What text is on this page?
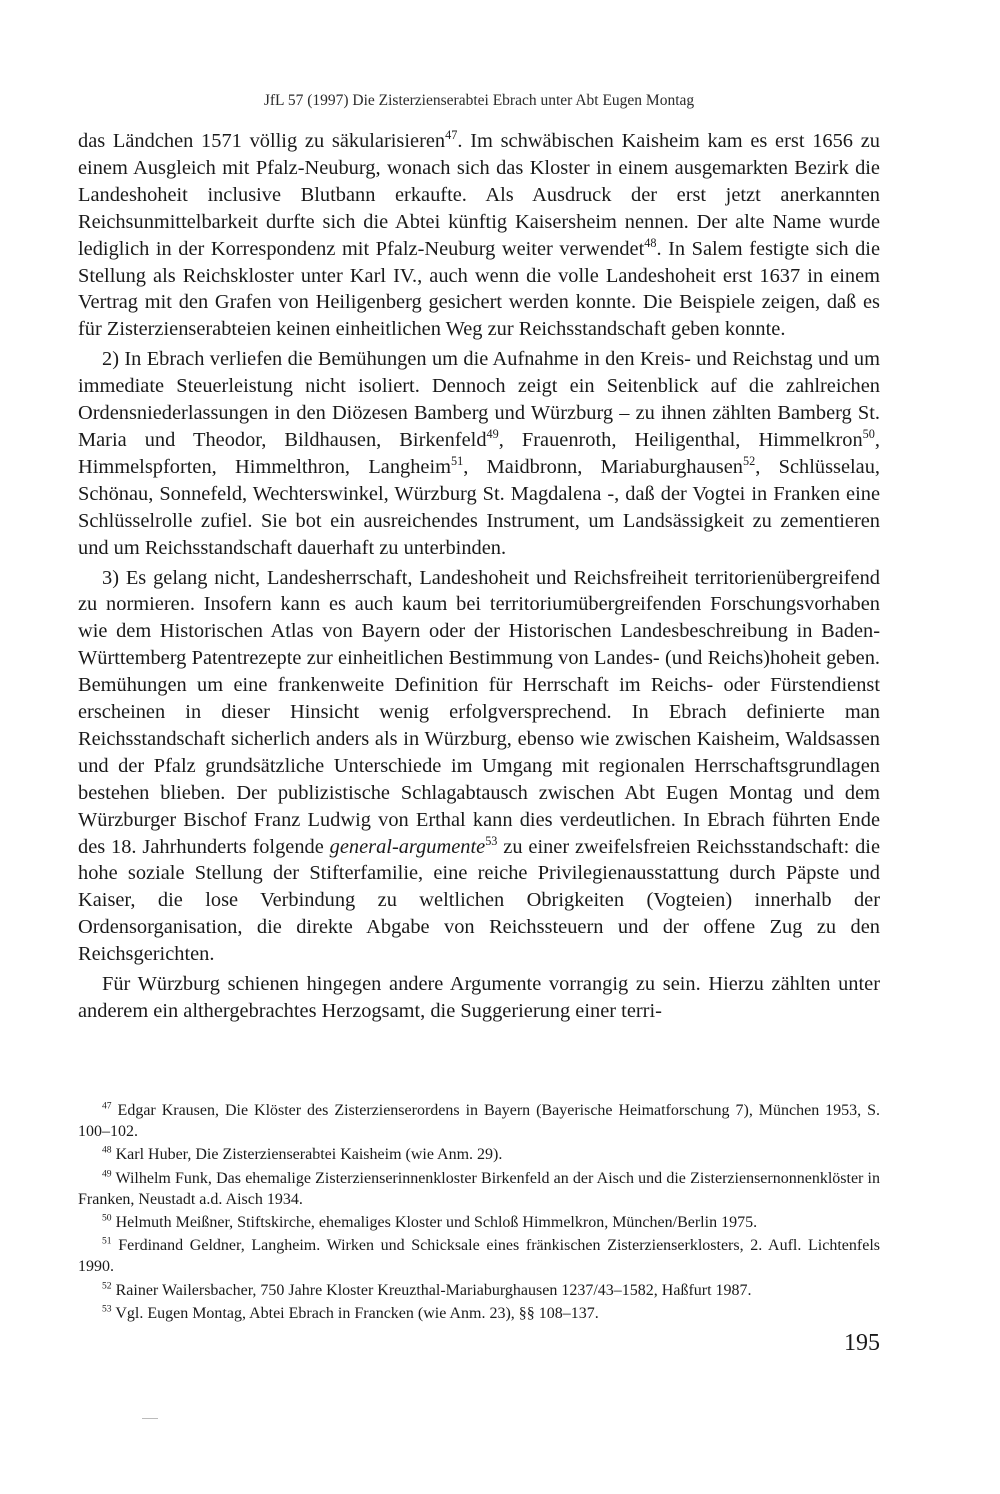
JfL 57 (1997) Die Zisterzienserabtei Ebrach unter Abt Eugen Montag

das Ländchen 1571 völlig zu säkularisieren$^{47}$. Im schwäbischen Kaisheim kam es erst 1656 zu einem Ausgleich mit Pfalz-Neuburg, wonach sich das Kloster in einem ausgemarkten Bezirk die Landeshoheit inclusive Blutbann erkaufte. Als Ausdruck der erst jetzt anerkannten Reichsunmittelbarkeit durfte sich die Abtei künftig Kaisersheim nennen. Der alte Name wurde lediglich in der Korrespondenz mit Pfalz-Neuburg weiter verwendet$^{48}$. In Salem festigte sich die Stellung als Reichskloster unter Karl IV., auch wenn die volle Landeshoheit erst 1637 in einem Vertrag mit den Grafen von Heiligenberg gesichert werden konnte. Die Beispiele zeigen, daß es für Zisterzienserabteien keinen einheitlichen Weg zur Reichsstandschaft geben konnte.

2) In Ebrach verliefen die Bemühungen um die Aufnahme in den Kreis- und Reichstag und um immediate Steuerleistung nicht isoliert. Dennoch zeigt ein Seitenblick auf die zahlreichen Ordensniederlassungen in den Diözesen Bamberg und Würzburg – zu ihnen zählten Bamberg St. Maria und Theodor, Bildhausen, Birkenfeld$^{49}$, Frauenroth, Heiligenthal, Himmelkron$^{50}$, Himmelspforten, Himmelthron, Langheim$^{51}$, Maidbronn, Mariaburghausen$^{52}$, Schlüsselau, Schönau, Sonnefeld, Wechterswinkel, Würzburg St. Magdalena -, daß der Vogtei in Franken eine Schlüsselrolle zufiel. Sie bot ein ausreichendes Instrument, um Landsässigkeit zu zementieren und um Reichsstandschaft dauerhaft zu unterbinden.

3) Es gelang nicht, Landesherrschaft, Landeshoheit und Reichsfreiheit territorienübergreifend zu normieren. Insofern kann es auch kaum bei territoriumübergreifenden Forschungsvorhaben wie dem Historischen Atlas von Bayern oder der Historischen Landesbeschreibung in Baden-Württemberg Patentrezepte zur einheitlichen Bestimmung von Landes- (und Reichs)hoheit geben. Bemühungen um eine frankenweite Definition für Herrschaft im Reichs- oder Fürstendienst erscheinen in dieser Hinsicht wenig erfolgversprechend. In Ebrach definierte man Reichsstandschaft sicherlich anders als in Würzburg, ebenso wie zwischen Kaisheim, Waldsassen und der Pfalz grundsätzliche Unterschiede im Umgang mit regionalen Herrschaftsgrundlagen bestehen blieben. Der publizistische Schlagabtausch zwischen Abt Eugen Montag und dem Würzburger Bischof Franz Ludwig von Erthal kann dies verdeutlichen. In Ebrach führten Ende des 18. Jahrhunderts folgende general-argumente$^{53}$ zu einer zweifelsfreien Reichsstandschaft: die hohe soziale Stellung der Stifterfamilie, eine reiche Privilegienausstattung durch Päpste und Kaiser, die lose Verbindung zu weltlichen Obrigkeiten (Vogteien) innerhalb der Ordensorganisation, die direkte Abgabe von Reichssteuern und der offene Zug zu den Reichsgerichten.

Für Würzburg schienen hingegen andere Argumente vorrangig zu sein. Hierzu zählten unter anderem ein althergebrachtes Herzogsamt, die Suggerierung einer terri-

$^{47}$ Edgar Krausen, Die Klöster des Zisterzienserordens in Bayern (Bayerische Heimatforschung 7), München 1953, S. 100–102.
$^{48}$ Karl Huber, Die Zisterzienserabtei Kaisheim (wie Anm. 29).
$^{49}$ Wilhelm Funk, Das ehemalige Zisterzienserinnenkloster Birkenfeld an der Aisch und die Zisterziensernonnenklöster in Franken, Neustadt a.d. Aisch 1934.
$^{50}$ Helmuth Meißner, Stiftskirche, ehemaliges Kloster und Schloß Himmelkron, München/Berlin 1975.
$^{51}$ Ferdinand Geldner, Langheim. Wirken und Schicksale eines fränkischen Zisterzienserklosters, 2. Aufl. Lichtenfels 1990.
$^{52}$ Rainer Wailersbacher, 750 Jahre Kloster Kreuzthal-Mariaburghausen 1237/43–1582, Haßfurt 1987.
$^{53}$ Vgl. Eugen Montag, Abtei Ebrach in Francken (wie Anm. 23), §§ 108–137.
195
